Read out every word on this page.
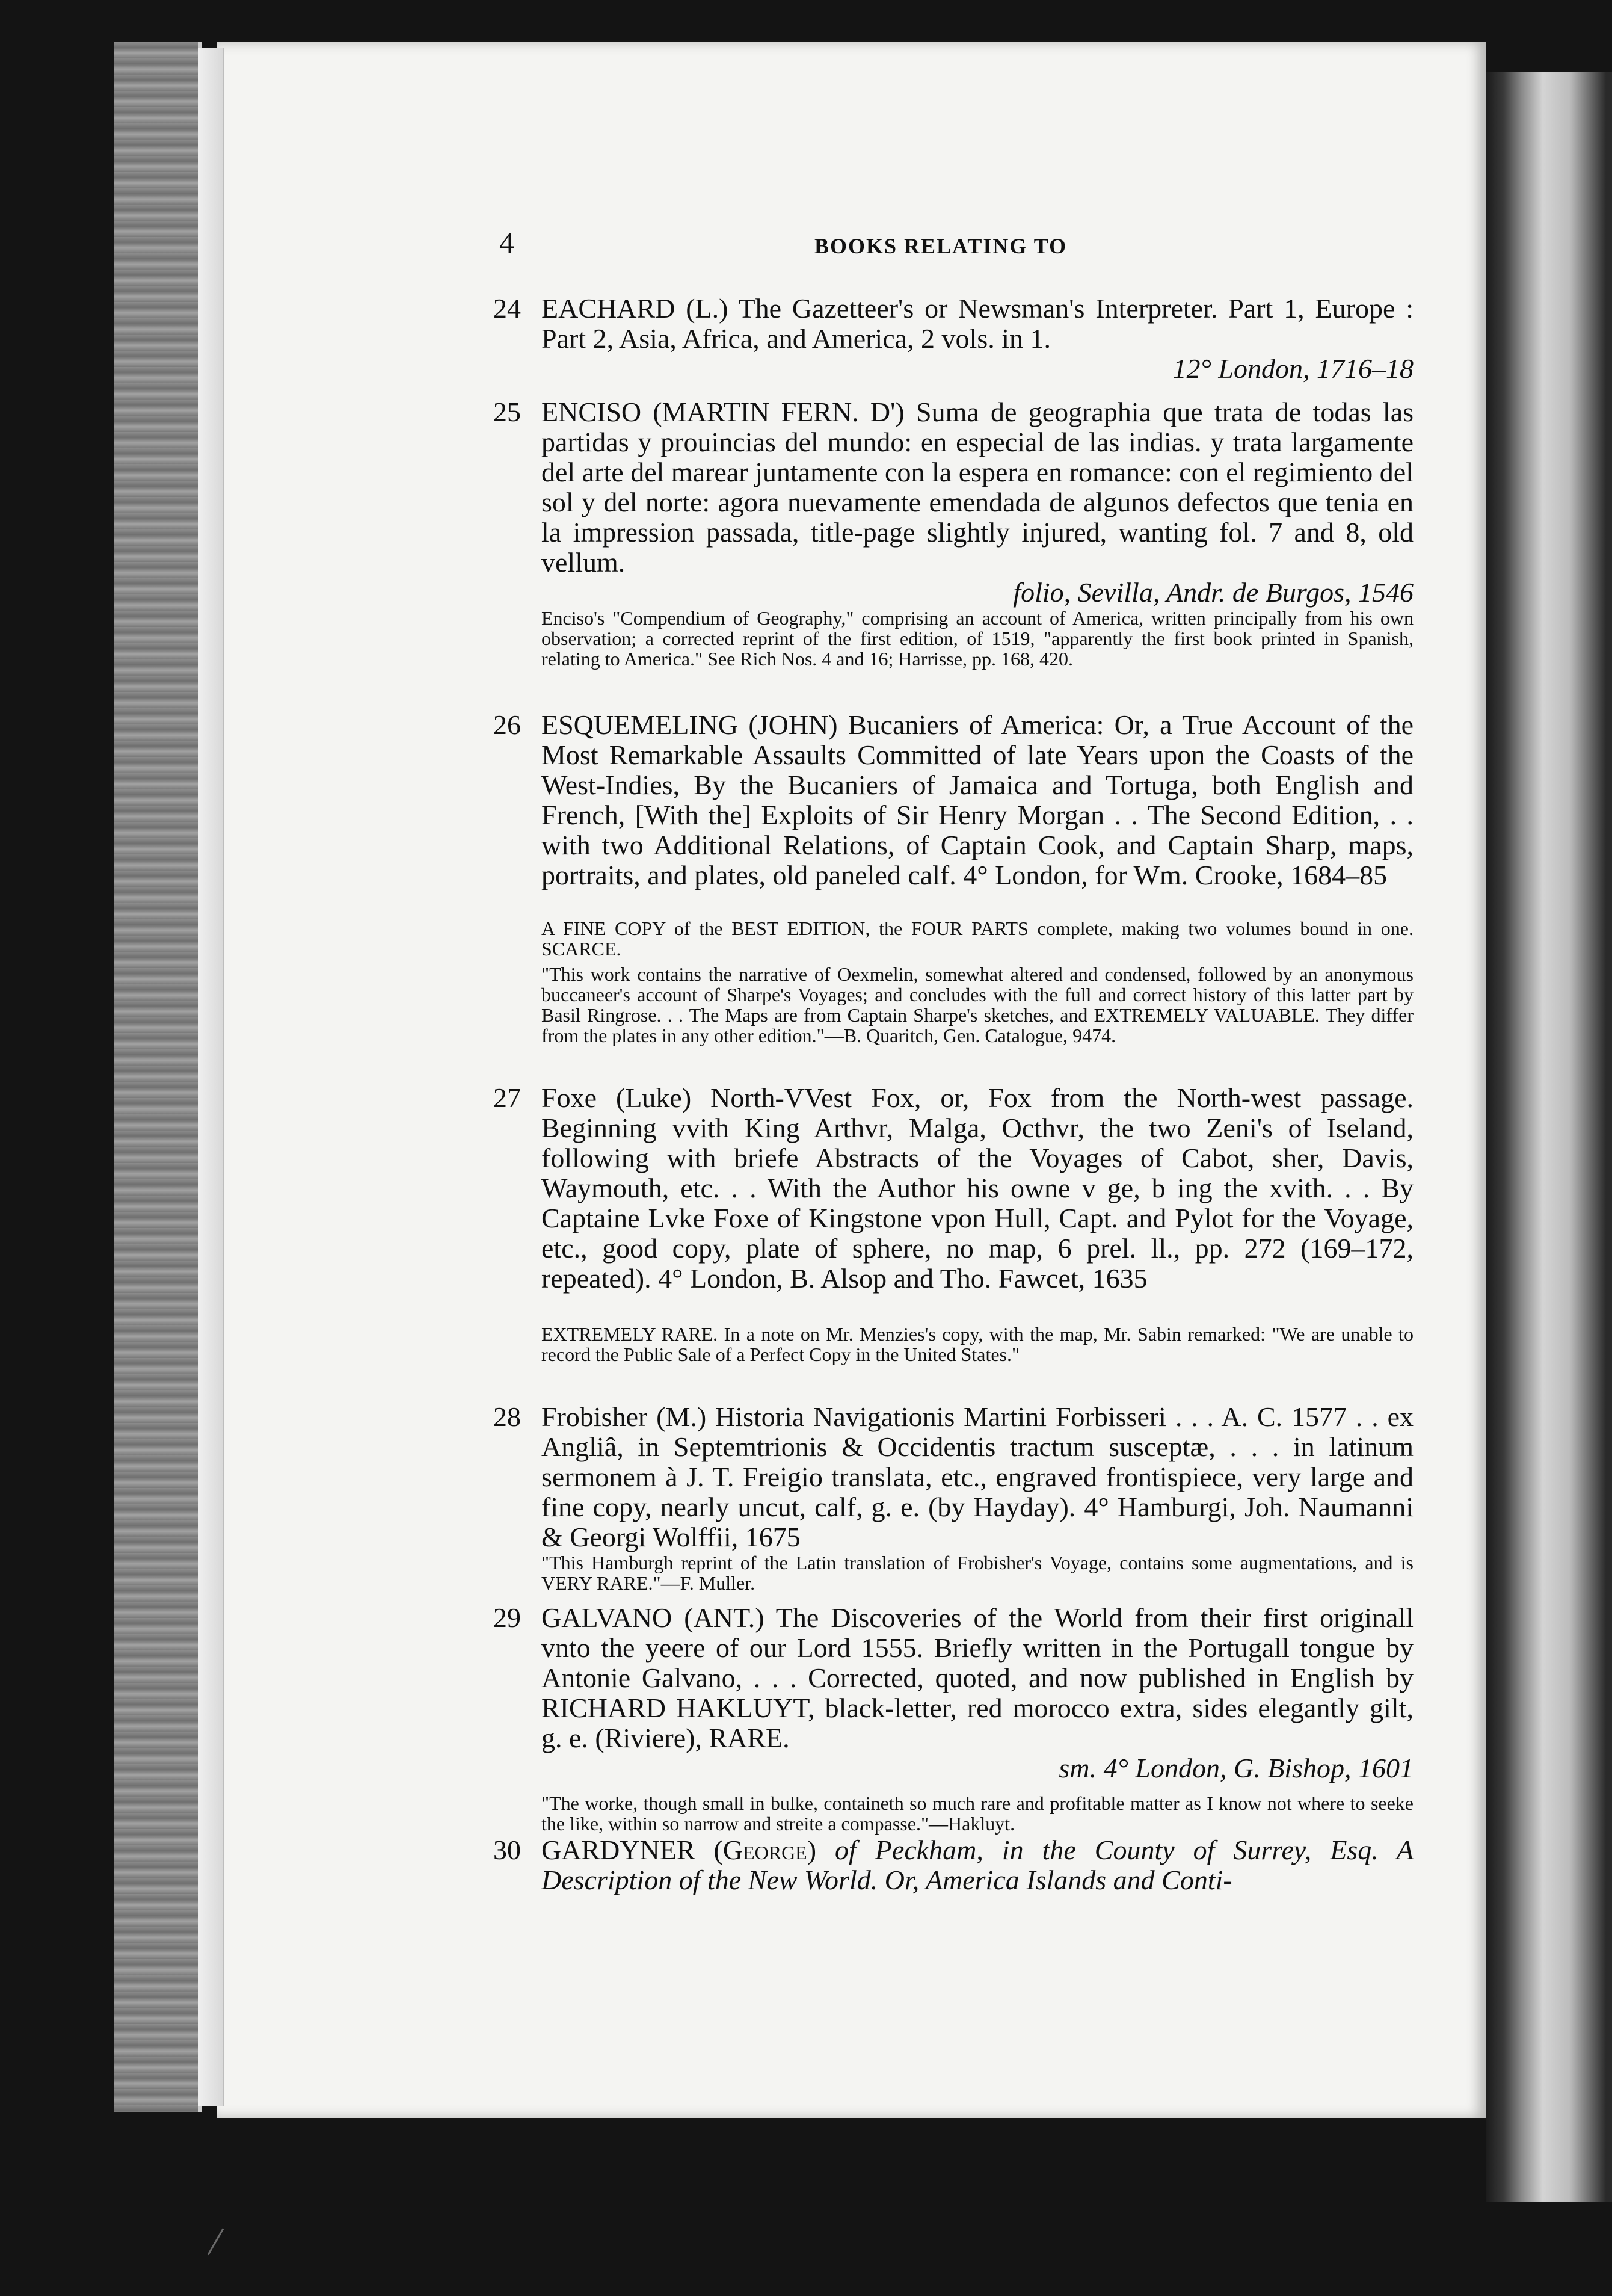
4	BOOKS RELATING TO
24 EACHARD (L.) The Gazetteer's or Newsman's Interpreter. Part 1, Europe : Part 2, Asia, Africa, and America, 2 vols. in 1.
12° London, 1716–18
25 ENCISO (MARTIN FERN. D') Suma de geographia que trata de todas las partidas y prouincias del mundo: en especial de las indias. y trata largamente del arte del marear juntamente con la espera en romance: con el regimiento del sol y del norte: agora nuevamente emendada de algunos defectos que tenia en la impression passada, title-page slightly injured, wanting fol. 7 and 8, old vellum.
folio, Sevilla, Andr. de Burgos, 1546
Enciso's "Compendium of Geography," comprising an account of America, written principally from his own observation; a corrected reprint of the first edition, of 1519, "apparently the first book printed in Spanish, relating to America." See Rich Nos. 4 and 16; Harrisse, pp. 168, 420.
26 ESQUEMELING (JOHN) Bucaniers of America: Or, a True Account of the Most Remarkable Assaults Committed of late Years upon the Coasts of the West-Indies, By the Bucaniers of Jamaica and Tortuga, both English and French, [With the] Exploits of Sir Henry Morgan . . The Second Edition, . . with two Additional Relations, of Captain Cook, and Captain Sharp, maps, portraits, and plates, old paneled calf. 4° London, for Wm. Crooke, 1684–85
A FINE COPY of the BEST EDITION, the FOUR PARTS complete, making two volumes bound in one. SCARCE.
"This work contains the narrative of Oexmelin, somewhat altered and condensed, followed by an anonymous buccaneer's account of Sharpe's Voyages; and concludes with the full and correct history of this latter part by Basil Ringrose. . . The Maps are from Captain Sharpe's sketches, and EXTREMELY VALUABLE. They differ from the plates in any other edition."—B. Quaritch, Gen. Catalogue, 9474.
27 Foxe (Luke) North-VVest Fox, or, Fox from the North-west passage. Beginning vvith King Arthvr, Malga, Octhvr, the two Zeni's of Iseland, following with briefe Abstracts of the Voyages of Cabot, sher, Davis, Waymouth, etc. . . With the Author his owne v ge, b ing the xvith. . . By Captaine Lvke Foxe of Kingstone vpon Hull, Capt. and Pylot for the Voyage, etc., good copy, plate of sphere, no map, 6 prel. ll., pp. 272 (169–172, repeated). 4° London, B. Alsop and Tho. Fawcet, 1635
EXTREMELY RARE. In a note on Mr. Menzies's copy, with the map, Mr. Sabin remarked: "We are unable to record the Public Sale of a Perfect Copy in the United States."
28 Frobisher (M.) Historia Navigationis Martini Forbisseri . . . A. C. 1577 . . ex Angliâ, in Septemtrionis & Occidentis tractum susceptæ, . . . in latinum sermonem à J. T. Freigio translata, etc., engraved frontispiece, very large and fine copy, nearly uncut, calf, g. e. (by Hayday). 4° Hamburgi, Joh. Naumanni & Georgi Wolffii, 1675
"This Hamburgh reprint of the Latin translation of Frobisher's Voyage, contains some augmentations, and is VERY RARE."—F. Muller.
29 GALVANO (ANT.) The Discoveries of the World from their first originall vnto the yeere of our Lord 1555. Briefly written in the Portugall tongue by Antonie Galvano, . . . Corrected, quoted, and now published in English by RICHARD HAKLUYT, black-letter, red morocco extra, sides elegantly gilt, g. e. (Riviere), RARE.
sm. 4° London, G. Bishop, 1601
"The worke, though small in bulke, containeth so much rare and profitable matter as I know not where to seeke the like, within so narrow and streite a compasse."—Hakluyt.
30 GARDYNER (George) of Peckham, in the County of Surrey, Esq. A Description of the New World. Or, America Islands and Conti-
